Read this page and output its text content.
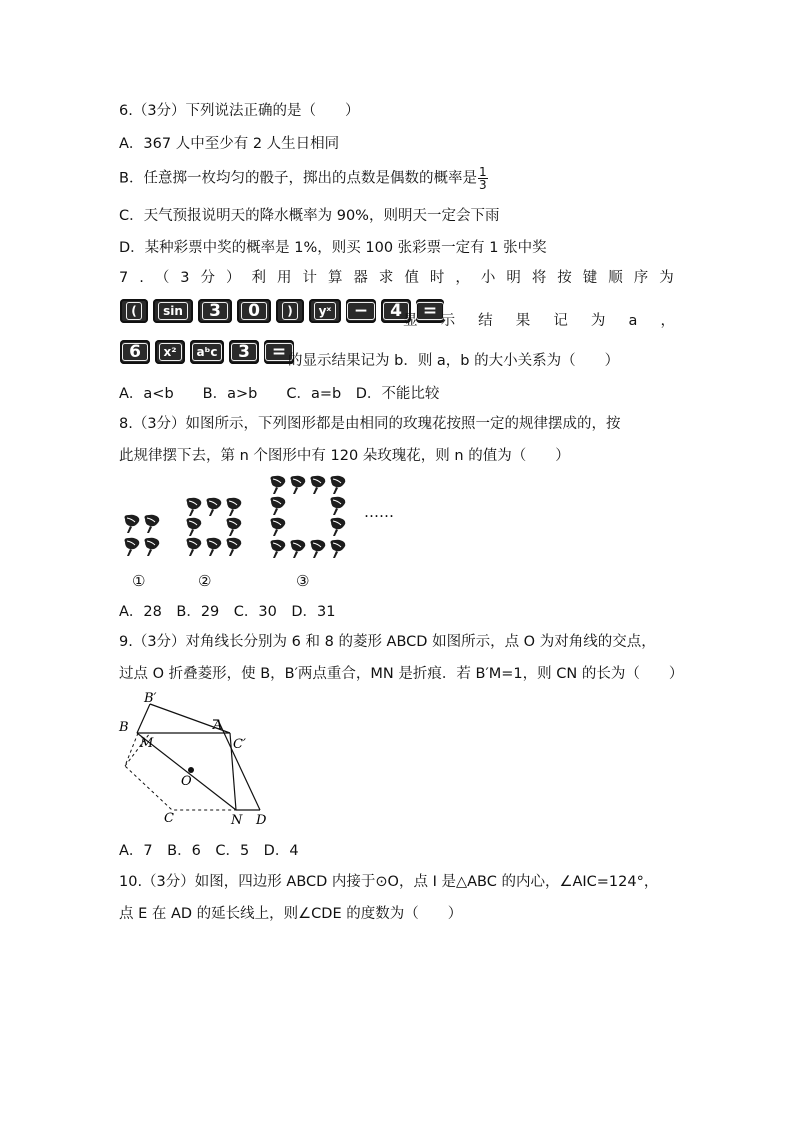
6.（3分）下列说法正确的是（　　）
A．367 人中至少有 2 人生日相同
B．任意掷一枚均匀的骰子，掷出的点数是偶数的概率是 $\frac{1}{3}$
C．天气预报说明天的降水概率为 90%，则明天一定会下雨
D．某种彩票中奖的概率是 1%，则买 100 张彩票一定有 1 张中奖
7 . （ 3 分 ） 利 用 计 算 器 求 值 时 ， 小 明 将 按 键 顺 序 为
(	sin	3	0	)	yˣ	−	4	=
显 示 结 果 记 为 a ，
6	x²	aᵇc	3	= 的显示结果记为 b．则 a，b 的大小关系为（　　）
A．a<b　　B．a>b　　C．a=b　D．不能比较
8.（3分）如图所示，下列图形都是由相同的玫瑰花按照一定的规律摆成的，按
此规律摆下去，第 n 个图形中有 120 朵玫瑰花，则 n 的值为（　　）
……
①	②	③
A．28　B．29　C．30　D．31
9.（3分）对角线长分别为 6 和 8 的菱形 ABCD 如图所示，点 O 为对角线的交点，
过点 O 折叠菱形，使 B，B′两点重合，MN 是折痕．若 B′M=1，则 CN 的长为（　　）
B′
B
M
A
C′
O
C	N D
A．7　B．6　C．5　D．4
10.（3分）如图，四边形 ABCD 内接于⊙O，点 I 是△ABC 的内心，∠AIC=124°，
点 E 在 AD 的延长线上，则∠CDE 的度数为（　　）
